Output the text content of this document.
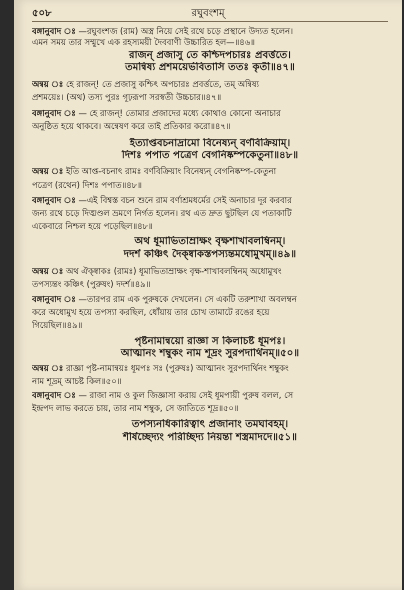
৫০৮	রঘুবংশম্
বঙ্গানুবাদ ঃ —রঘুবংশজ (রাম) অস্ত্র নিয়ে সেই রথে চড়ে প্রস্থানে উদ্যত হলেন।
এমন সময় তার সম্মুখে এক রহস্যময়ী দৈববাণী উচ্চারিত হল—॥৪৬॥
রাজন্ প্রজাসু তে কশ্চিদপচারঃ প্রবর্ত্ততে।
তমন্বিষ্য প্রশময়ের্ভবিতাসি ততঃ কৃতী॥৪৭॥
অন্বয় ঃ হে রাজন্! তে প্রজাসু কশ্চিৎ অপচারঃ প্রবর্ত্ততে, তম্ অন্বিষ্য
প্রশময়েঃ। (অথ) তস্য পুরঃ গূঢ়রূপা সরস্বতী উচ্চচার॥৪৭॥
বঙ্গানুবাদ ঃ — হে রাজন্! তোমার প্রজাদের মধ্যে কোথাও কোনো অনাচার
অনুষ্ঠিত হয়ে থাকবে। অন্বেষণ করে তাই প্রতিকার করো॥৪৭॥
ইত্যাপ্তবচনাদ্রামো বিনেষ্যন্ বর্ণবিক্রিয়াম্।
দিশঃ পপাত পত্রেণ বেগনিষ্কম্পকেতুনা॥৪৮॥
অন্বয় ঃ ইতি আপ্ত-বচনাৎ রামঃ বর্ণবিক্রিয়াং বিনেষ্যন্ বেগনিষ্কম্প-কেতুনা
পত্রেণ (রথেন) দিশঃ পপাত॥৪৮॥
বঙ্গানুবাদ ঃ —এই বিশ্বস্ত বচন শুনে রাম বর্ণাশ্রমধর্মের সেই অনাচার দূর করবার
জন্য রথে চড়ে দিঙ্মণ্ডল ভ্রমণে নির্গত হলেন। রথ এত দ্রুত ছুটছিল যে পতাকাটি
একেবারে নিশ্চল হয়ে পড়েছিল॥৪৮॥
অথ ধূমাভিতাম্রাক্ষং বৃক্ষশাখাবলম্বিনম্।
দদর্শ কঞ্চিৎ দৈক্ষ্বাকস্তপস্যন্তমধোমুখম্॥৪৯॥
অন্বয় ঃ অথ ঐক্ষ্বাকঃ (রামঃ) ধূমাভিতাম্রাক্ষং বৃক্ষ-শাখাবলম্বিনম্ অধোমুখং
তপস্যন্তং কঞ্চিৎ (পুরুষং) দদর্শ॥৪৯॥
বঙ্গানুবাদ ঃ —তারপর রাম এক পুরুষকে দেখলেন। সে একটি তরুশাখা অবলম্বন
করে অধোমুখ হয়ে তপস্যা করছিল, ধোঁয়ায় তার চোখ তামাটে রঙের হয়ে
গিয়েছিল॥৪৯॥
পৃষ্টনামান্বয়ো রাজ্ঞা স কিলাচষ্ট ধূমপঃ।
আত্মানং শম্বুকং নাম শূদ্রং সুরপদার্থিনম্॥৫০॥
অন্বয় ঃ রাজ্ঞা পৃষ্ট-নামান্বয়ঃ ধূমপঃ সঃ (পুরুষঃ) আত্মানং সুরপদার্থিনং শম্বুকং
নাম শূদ্রম্ আচষ্ট কিল॥৫০॥
বঙ্গানুবাদ ঃ — রাজা নাম ও কুল জিজ্ঞাসা করায় সেই ধূমপায়ী পুরুষ বলল, সে
ইন্দ্রপদ লাভ করতে চায়, তার নাম শম্বুক, সে জাতিতে শূদ্র॥৫০॥
তপস্যনধিকারিত্বাৎ প্রজানাং তমঘাবহম্।
শীর্ষচ্ছেদ্যং পরিচ্ছিদ্য নিয়ন্তা শস্ত্রমাদদে॥৫১॥
